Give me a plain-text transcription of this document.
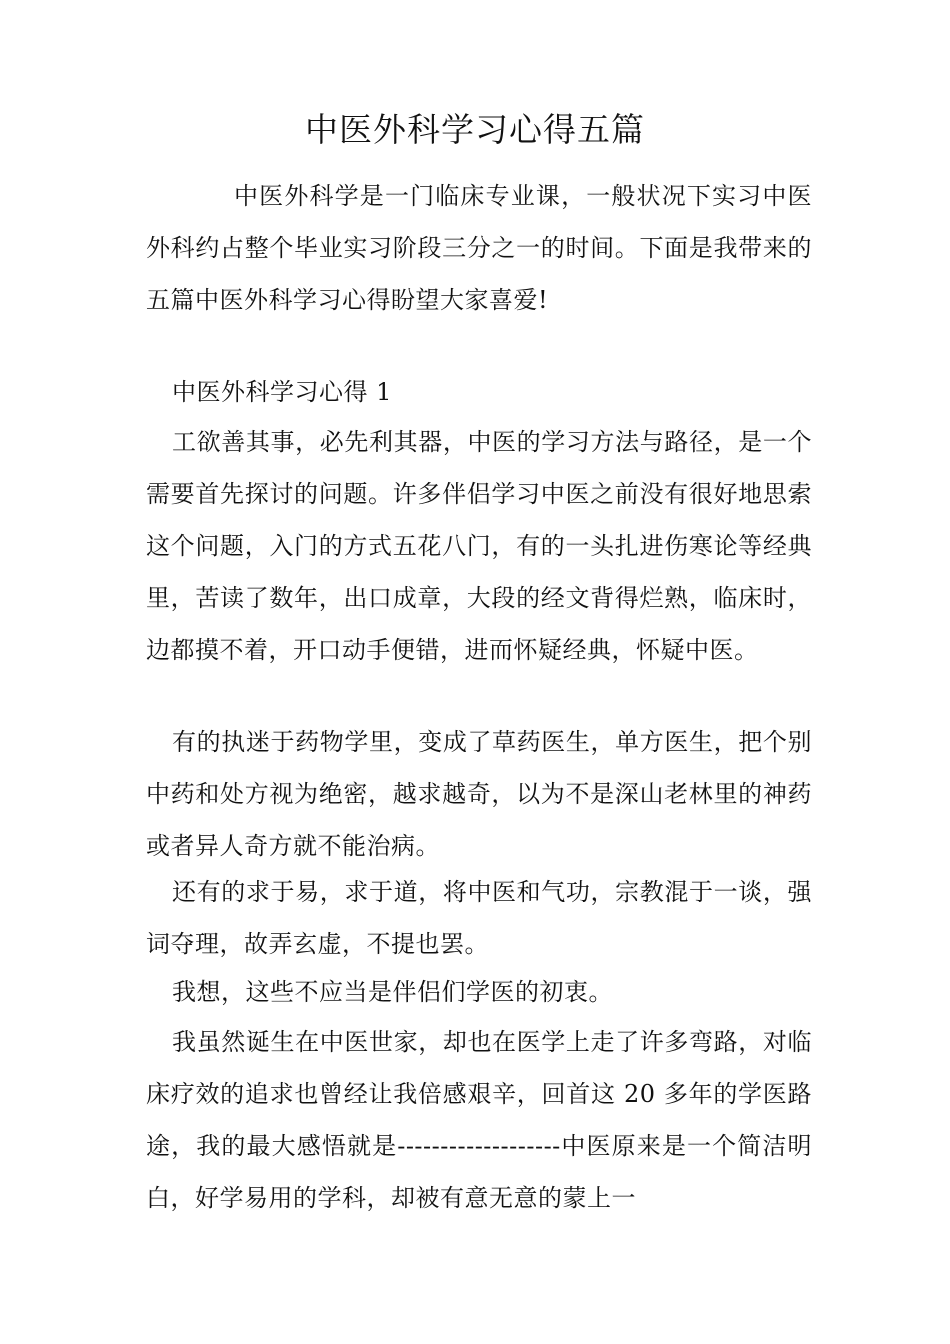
中医外科学习心得五篇

中医外科学是一门临床专业课，一般状况下实习中医外科约占整个毕业实习阶段三分之一的时间。下面是我带来的五篇中医外科学习心得盼望大家喜爱!

中医外科学习心得 1

工欲善其事，必先利其器，中医的学习方法与路径，是一个需要首先探讨的问题。许多伴侣学习中医之前没有很好地思索这个问题，入门的方式五花八门，有的一头扎进伤寒论等经典里，苦读了数年，出口成章，大段的经文背得烂熟，临床时，边都摸不着，开口动手便错，进而怀疑经典，怀疑中医。

有的执迷于药物学里，变成了草药医生，单方医生，把个别中药和处方视为绝密，越求越奇，以为不是深山老林里的神药或者异人奇方就不能治病。

还有的求于易，求于道，将中医和气功，宗教混于一谈，强词夺理，故弄玄虚，不提也罢。

我想，这些不应当是伴侣们学医的初衷。

我虽然诞生在中医世家，却也在医学上走了许多弯路，对临床疗效的追求也曾经让我倍感艰辛，回首这 20 多年的学医路途，我的最大感悟就是-------------------中医原来是一个简洁明白，好学易用的学科，却被有意无意的蒙上一
